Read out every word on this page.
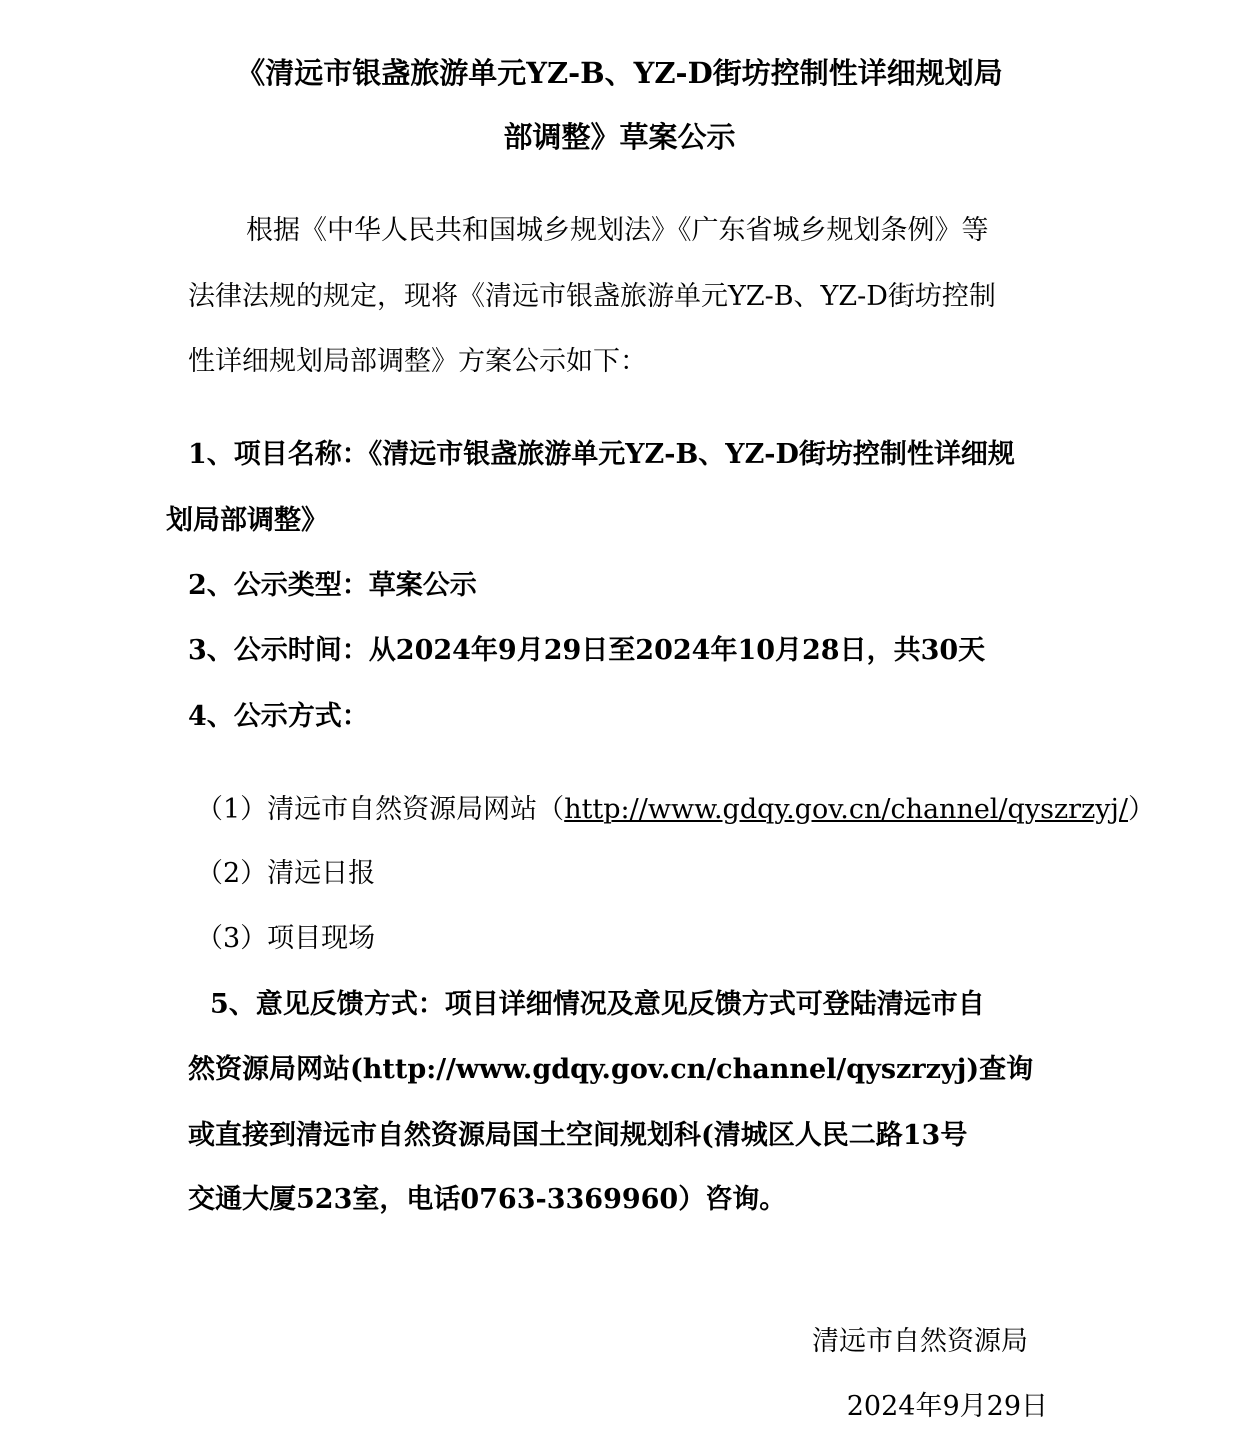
《清远市银盏旅游单元YZ-B、YZ-D街坊控制性详细规划局
部调整》草案公示
根据《中华人民共和国城乡规划法》《广东省城乡规划条例》等
法律法规的规定，现将《清远市银盏旅游单元YZ-B、YZ-D街坊控制
性详细规划局部调整》方案公示如下：
1、项目名称：《清远市银盏旅游单元YZ-B、YZ-D街坊控制性详细规
划局部调整》
2、公示类型：草案公示
3、公示时间：从2024年9月29日至2024年10月28日，共30天
4、公示方式：
（1）清远市自然资源局网站（http://www.gdqy.gov.cn/channel/qyszrzyj/）
（2）清远日报
（3）项目现场
5、意见反馈方式：项目详细情况及意见反馈方式可登陆清远市自
然资源局网站(http://www.gdqy.gov.cn/channel/qyszrzyj)查询
或直接到清远市自然资源局国土空间规划科(清城区人民二路13号
交通大厦523室，电话0763-3369960）咨询。
清远市自然资源局
2024年9月29日
